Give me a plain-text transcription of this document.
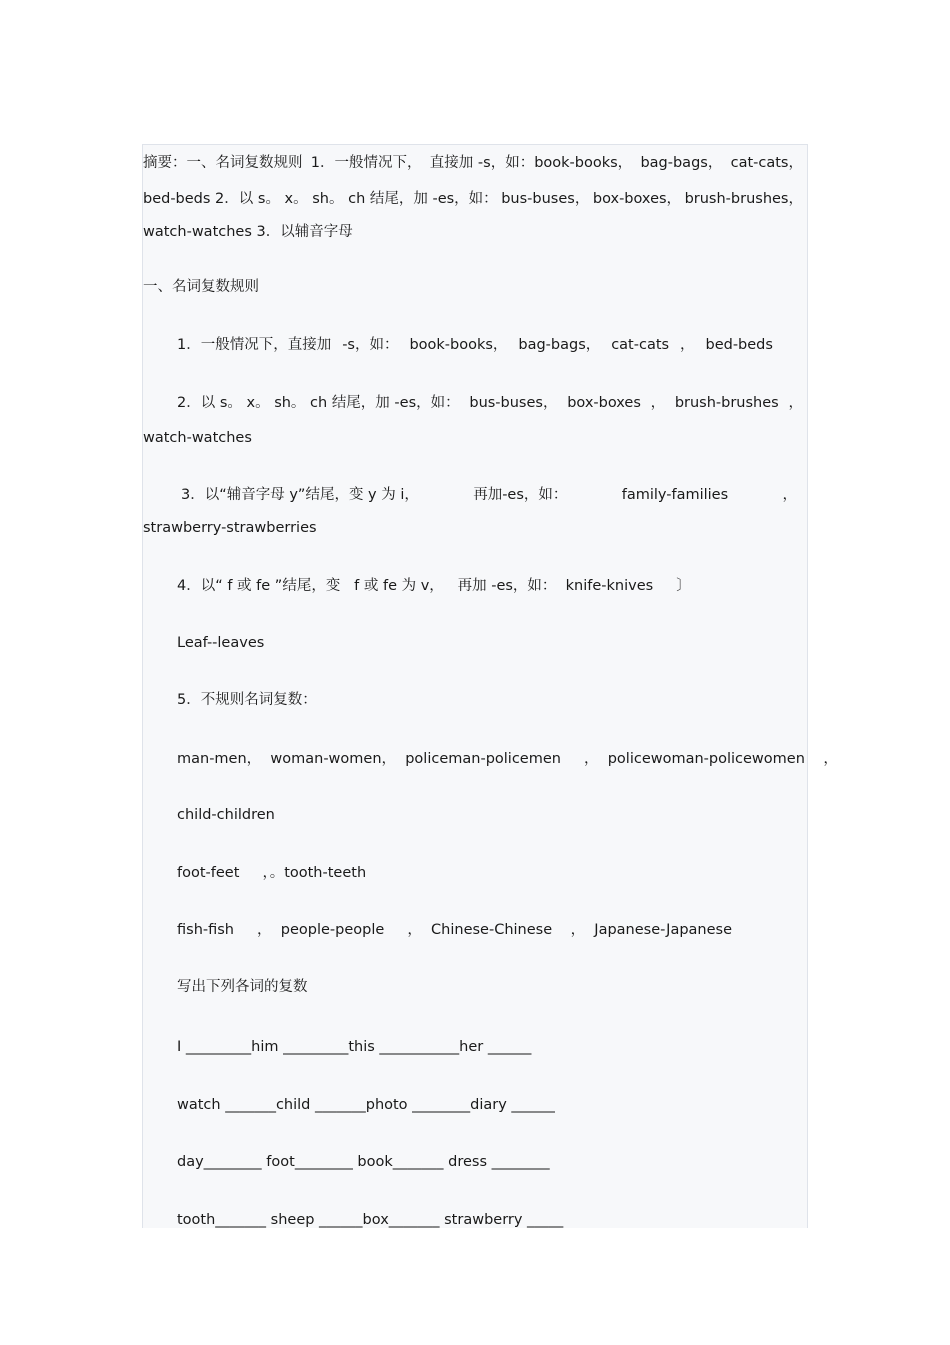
摘要：一、名词复数规则 1．一般情况下， 直接加 -s，如：book-books， bag-bags， cat-cats，
bed-beds 2．以 s。 x。 sh。 ch 结尾，加 -es，如： bus-buses， box-boxes， brush-brushes，
watch-watches 3．以辅音字母
一、名词复数规则
1．一般情况下，直接加 -s，如： book-books， bag-bags， cat-cats ， bed-beds
2．以 s。 x。 sh。 ch 结尾，加 -es，如： bus-buses， box-boxes ， brush-brushes ，
watch-watches
3．以“辅音字母 y”结尾，变 y 为 i，	再加-es，如：	family-families	，
strawberry-strawberries
4．以“ f 或 fe ”结尾，变   f 或 fe 为 v，   再加 -es，如：  knife-knives     〕
Leaf--leaves
5．不规则名词复数：
man-men，  woman-women，  policeman-policemen     ，  policewoman-policewomen    ，
child-children
foot-feet     ，。tooth-teeth
fish-fish     ，  people-people     ，  Chinese-Chinese    ，  Japanese-Japanese
写出下列各词的复数
I _________him _________this ___________her ______
watch _______child _______photo ________diary ______
day________ foot________ book_______ dress ________
tooth_______ sheep ______box_______ strawberry _____
